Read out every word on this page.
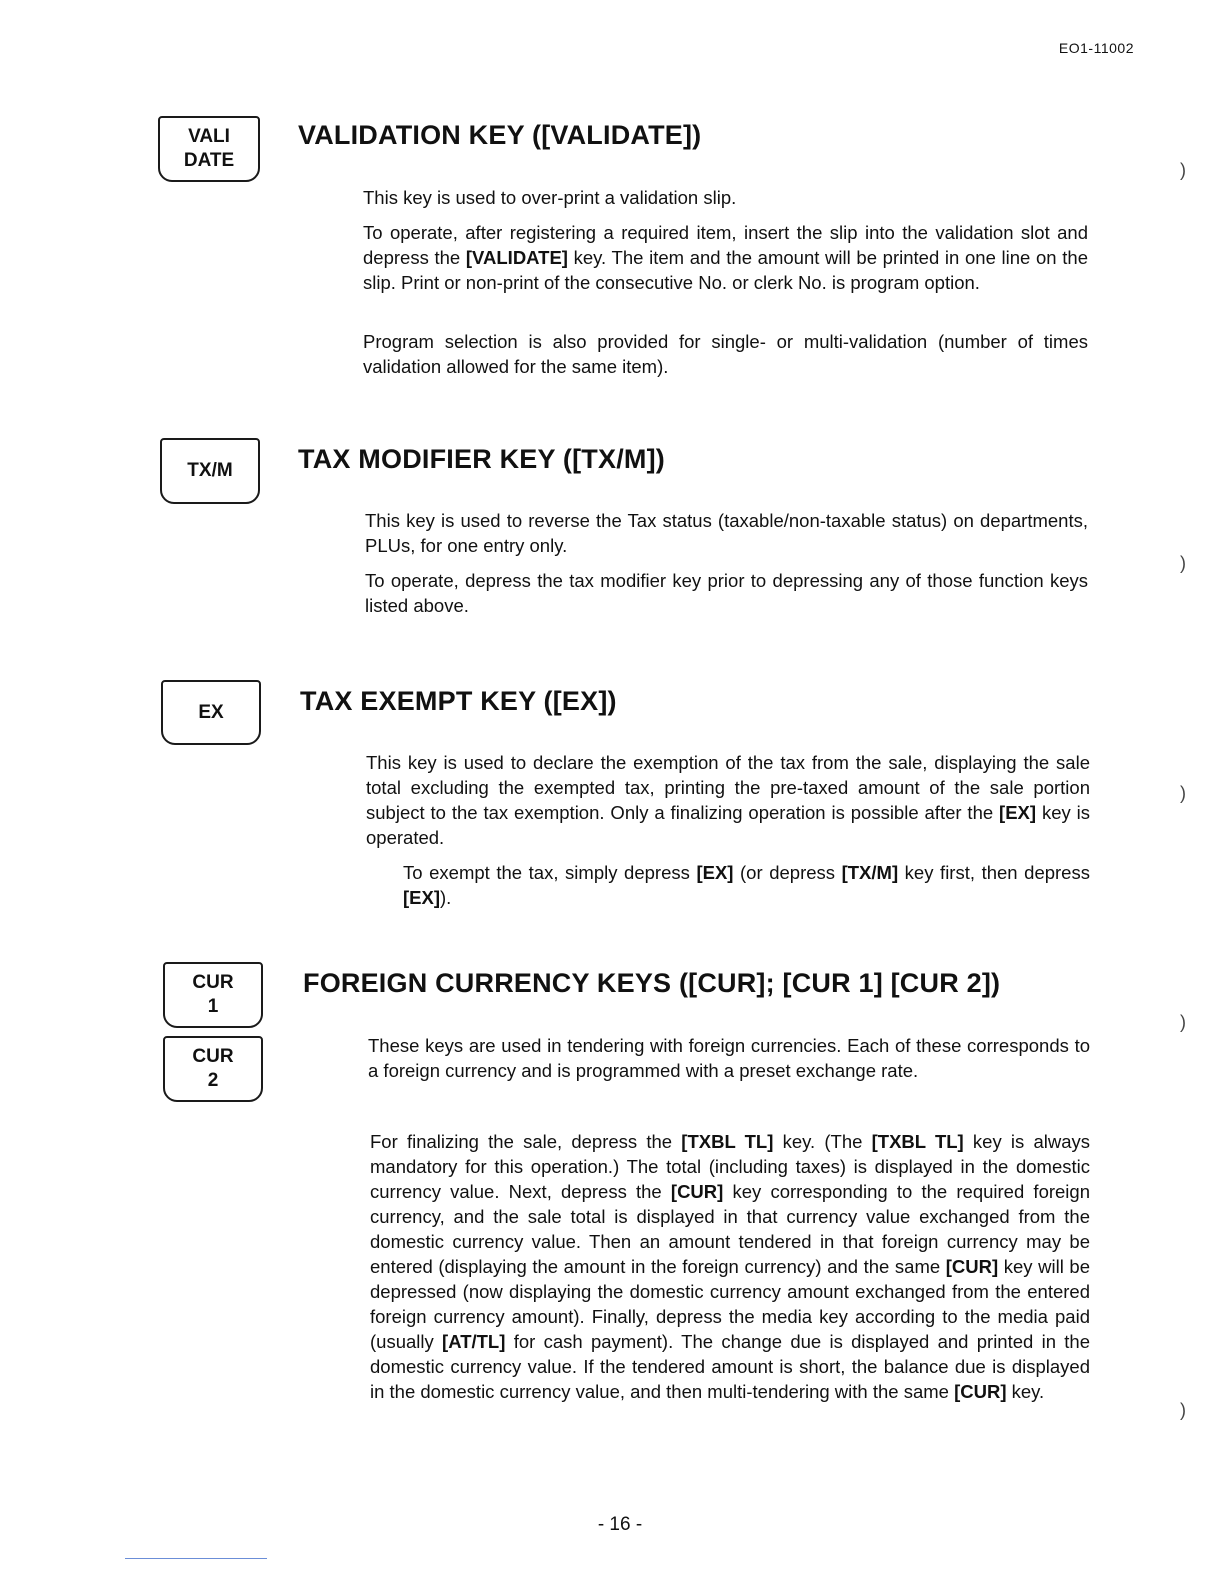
EO1-11002
VALI
DATE
VALIDATION KEY ([VALIDATE])

This key is used to over-print a validation slip.

To operate, after registering a required item, insert the slip into the validation slot and depress the [VALIDATE] key. The item and the amount will be printed in one line on the slip. Print or non-print of the consecutive No. or clerk No. is program option.

Program selection is also provided for single- or multi-validation (number of times validation allowed for the same item).

TX/M	TAX MODIFIER KEY ([TX/M])

This key is used to reverse the Tax status (taxable/non-taxable status) on departments, PLUs, for one entry only.

To operate, depress the tax modifier key prior to depressing any of those function keys listed above.

EX	TAX EXEMPT KEY ([EX])

This key is used to declare the exemption of the tax from the sale, displaying the sale total excluding the exempted tax, printing the pre-taxed amount of the sale portion subject to the tax exemption. Only a finalizing operation is possible after the [EX] key is operated.

To exempt the tax, simply depress [EX] (or depress [TX/M] key first, then depress [EX]).

CUR
1
CUR
2
FOREIGN CURRENCY KEYS ([CUR]; [CUR 1] [CUR 2])

These keys are used in tendering with foreign currencies. Each of these corresponds to a foreign currency and is programmed with a preset exchange rate.

For finalizing the sale, depress the [TXBL TL] key. (The [TXBL TL] key is always mandatory for this operation.) The total (including taxes) is displayed in the domestic currency value. Next, depress the [CUR] key corresponding to the required foreign currency, and the sale total is displayed in that currency value exchanged from the domestic currency value. Then an amount tendered in that foreign currency may be entered (displaying the amount in the foreign currency) and the same [CUR] key will be depressed (now displaying the domestic currency amount exchanged from the entered foreign currency amount). Finally, depress the media key according to the media paid (usually [AT/TL] for cash payment). The change due is displayed and printed in the domestic currency value. If the tendered amount is short, the balance due is displayed in the domestic currency value, and then multi-tendering with the same [CUR] key.

)
)
)
)
)
- 16 -
